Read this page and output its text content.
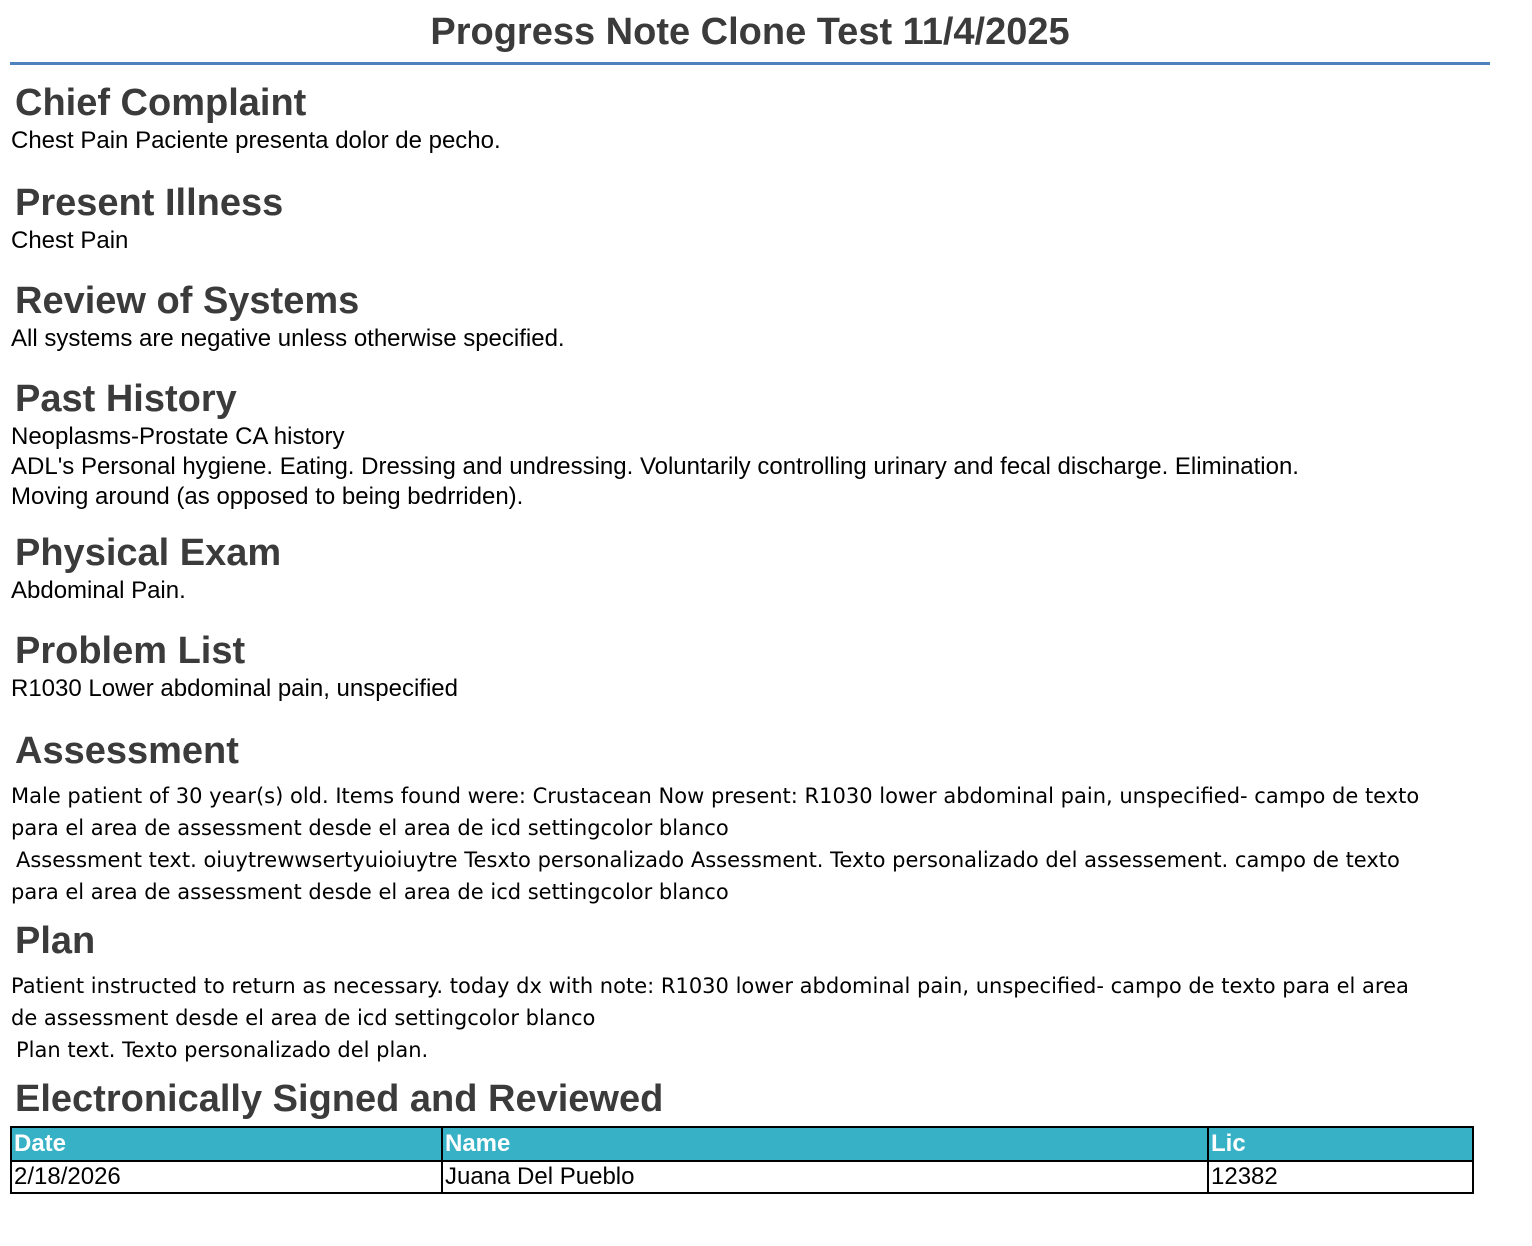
Progress Note Clone Test 11/4/2025
Chief Complaint

Chest Pain Paciente presenta dolor de pecho.

Present Illness

Chest Pain

Review of Systems

All systems are negative unless otherwise specified.

Past History

Neoplasms-Prostate CA history

ADL's Personal hygiene. Eating. Dressing and undressing. Voluntarily controlling urinary and fecal discharge. Elimination.

Moving around (as opposed to being bedrriden).

Physical Exam

Abdominal Pain.

Problem List

R1030 Lower abdominal pain, unspecified

Assessment

Male patient of 30 year(s) old. Items found were: Crustacean Now present: R1030 lower abdominal pain, unspecified- campo de texto

para el area de assessment desde el area de icd settingcolor blanco

Assessment text. oiuytrewwsertyuioiuytre Tesxto personalizado Assessment. Texto personalizado del assessement. campo de texto

para el area de assessment desde el area de icd settingcolor blanco

Plan

Patient instructed to return as necessary. today dx with note: R1030 lower abdominal pain, unspecified- campo de texto para el area

de assessment desde el area de icd settingcolor blanco

Plan text. Texto personalizado del plan.

Electronically Signed and Reviewed
Date	Name	Lic
2/18/2026	Juana Del Pueblo	12382
